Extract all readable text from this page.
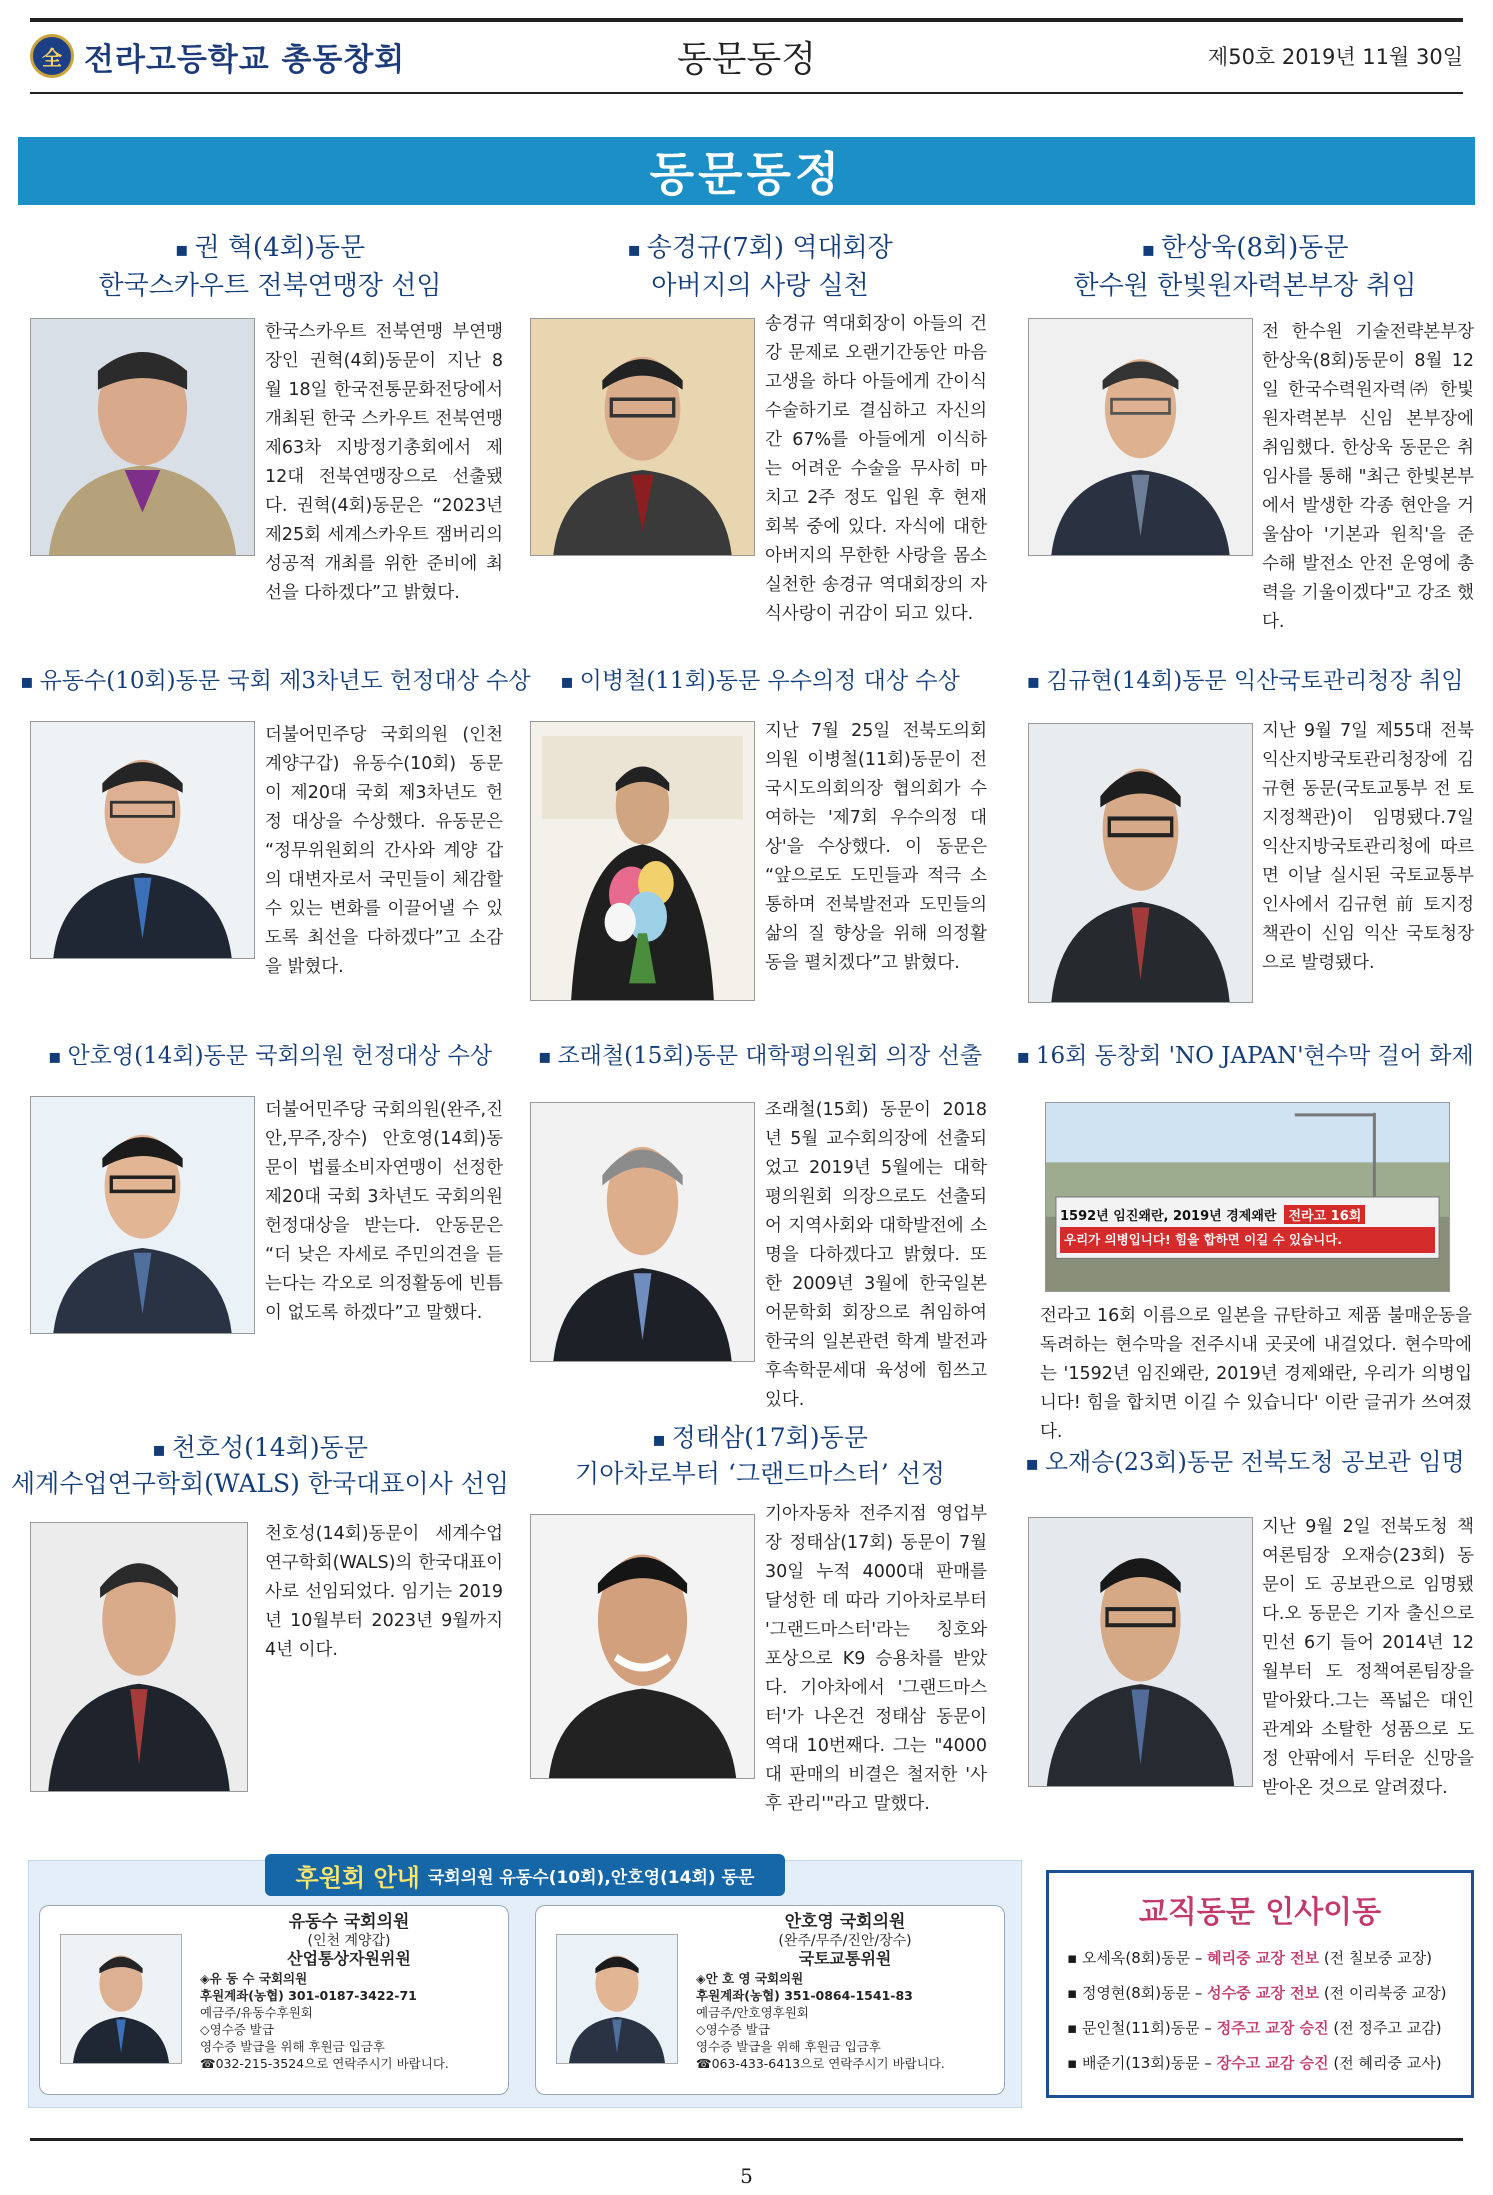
全 전라고등학교 총동창회	동문동정	제50호 2019년 11월 30일
동문동정
▪ 권 혁(4회)동문
한국스카우트 전북연맹장 선임
한국스카우트 전북연맹 부연맹장인 권혁(4회)동문이 지난 8월 18일 한국전통문화전당에서 개최된 한국 스카우트 전북연맹 제63차 지방정기총회에서 제12대 전북연맹장으로 선출됐다. 권혁(4회)동문은 “2023년 제25회 세계스카우트 잼버리의 성공적 개최를 위한 준비에 최선을 다하겠다”고 밝혔다.
▪ 송경규(7회) 역대회장
아버지의 사랑 실천
송경규 역대회장이 아들의 건강 문제로 오랜기간동안 마음고생을 하다 아들에게 간이식 수술하기로 결심하고 자신의 간 67%를 아들에게 이식하는 어려운 수술을 무사히 마치고 2주 정도 입원 후 현재 회복 중에 있다. 자식에 대한 아버지의 무한한 사랑을 몸소 실천한 송경규 역대회장의 자식사랑이 귀감이 되고 있다.
▪ 한상욱(8회)동문
한수원 한빛원자력본부장 취임
전 한수원 기술전략본부장 한상욱(8회)동문이 8월 12일 한국수력원자력㈜ 한빛원자력본부 신임 본부장에 취임했다. 한상욱 동문은 취임사를 통해 "최근 한빛본부에서 발생한 각종 현안을 거울삼아 '기본과 원칙'을 준수해 발전소 안전 운영에 총력을 기울이겠다"고 강조 했다.
▪ 유동수(10회)동문 국회 제3차년도 헌정대상 수상
더불어민주당 국회의원 (인천 계양구갑) 유동수(10회) 동문이 제20대 국회 제3차년도 헌정 대상을 수상했다. 유동문은 “정무위원회의 간사와 계양 갑의 대변자로서 국민들이 체감할 수 있는 변화를 이끌어낼 수 있도록 최선을 다하겠다”고 소감을 밝혔다.
▪ 이병철(11회)동문 우수의정 대상 수상
지난 7월 25일 전북도의회 의원 이병철(11회)동문이 전국시도의회의장 협의회가 수여하는 '제7회 우수의정 대상'을 수상했다. 이 동문은 “앞으로도 도민들과 적극 소통하며 전북발전과 도민들의 삶의 질 향상을 위해 의정활동을 펼치겠다”고 밝혔다.
▪ 김규현(14회)동문 익산국토관리청장 취임
지난 9월 7일 제55대 전북 익산지방국토관리청장에 김규현 동문(국토교통부 전 토지정책관)이 임명됐다.7일 익산지방국토관리청에 따르면 이날 실시된 국토교통부 인사에서 김규현 前 토지정책관이 신임 익산 국토청장으로 발령됐다.
▪ 안호영(14회)동문 국회의원 헌정대상 수상
더불어민주당 국회의원(완주,진안,무주,장수) 안호영(14회)동문이 법률소비자연맹이 선정한 제20대 국회 3차년도 국회의원 헌정대상을 받는다. 안동문은 “더 낮은 자세로 주민의견을 듣는다는 각오로 의정활동에 빈틈이 없도록 하겠다”고 말했다.
▪ 조래철(15회)동문 대학평의원회 의장 선출
조래철(15회) 동문이 2018년 5월 교수회의장에 선출되었고 2019년 5월에는 대학평의원회 의장으로도 선출되어 지역사회와 대학발전에 소명을 다하겠다고 밝혔다. 또한 2009년 3월에 한국일본어문학회 회장으로 취임하여 한국의 일본관련 학계 발전과 후속학문세대 육성에 힘쓰고 있다.
▪ 16회 동창회 'NO JAPAN'현수막 걸어 화제
1592년 임진왜란, 2019년 경제왜란 전라고 16회
우리가 의병입니다! 힘을 합하면 이길 수 있습니다.
전라고 16회 이름으로 일본을 규탄하고 제품 불매운동을 독려하는 현수막을 전주시내 곳곳에 내걸었다. 현수막에는 '1592년 임진왜란, 2019년 경제왜란, 우리가 의병입니다! 힘을 합치면 이길 수 있습니다' 이란 글귀가 쓰여졌다.
▪ 천호성(14회)동문
세계수업연구학회(WALS) 한국대표이사 선임
천호성(14회)동문이 세계수업연구학회(WALS)의 한국대표이사로 선임되었다. 임기는 2019년 10월부터 2023년 9월까지 4년 이다.
▪ 정태삼(17회)동문
기아차로부터 ‘그랜드마스터’ 선정
기아자동차 전주지점 영업부장 정태삼(17회) 동문이 7월 30일 누적 4000대 판매를 달성한 데 따라 기아차로부터 '그랜드마스터'라는 칭호와 포상으로 K9 승용차를 받았다. 기아차에서 '그랜드마스터'가 나온건 정태삼 동문이 역대 10번째다. 그는 "4000대 판매의 비결은 철저한 '사후 관리'"라고 말했다.
▪ 오재승(23회)동문 전북도청 공보관 임명
지난 9월 2일 전북도청 책여론팀장 오재승(23회) 동문이 도 공보관으로 임명됐다.오 동문은 기자 출신으로 민선 6기 들어 2014년 12월부터 도 정책여론팀장을 맡아왔다.그는 폭넓은 대인 관계와 소탈한 성품으로 도정 안팎에서 두터운 신망을 받아온 것으로 알려졌다.
후원회 안내 국회의원 유동수(10회),안호영(14회) 동문
유동수 국회의원
(인천 계양갑)
산업통상자원위원
◈유 동 수 국회의원
후원계좌(농협) 301-0187-3422-71
예금주/유동수후원회
◇영수증 발급
영수증 발급을 위해 후원금 입금후
☎032-215-3524으로 연락주시기 바랍니다.
안호영 국회의원
(완주/무주/진안/장수)
국토교통위원
◈안 호 영 국회의원
후원계좌(농협) 351-0864-1541-83
예금주/안호영후원회
◇영수증 발급
영수증 발급을 위해 후원금 입금후
☎063-433-6413으로 연락주시기 바랍니다.
교직동문 인사이동
▪ 오세옥(8회)동문 – 혜리중 교장 전보 (전 칠보중 교장)
▪ 정영현(8회)동문 – 성수중 교장 전보 (전 이리북중 교장)
▪ 문인철(11회)동문 – 정주고 교장 승진 (전 정주고 교감)
▪ 배준기(13회)동문 – 장수고 교감 승진 (전 혜리중 교사)
5
